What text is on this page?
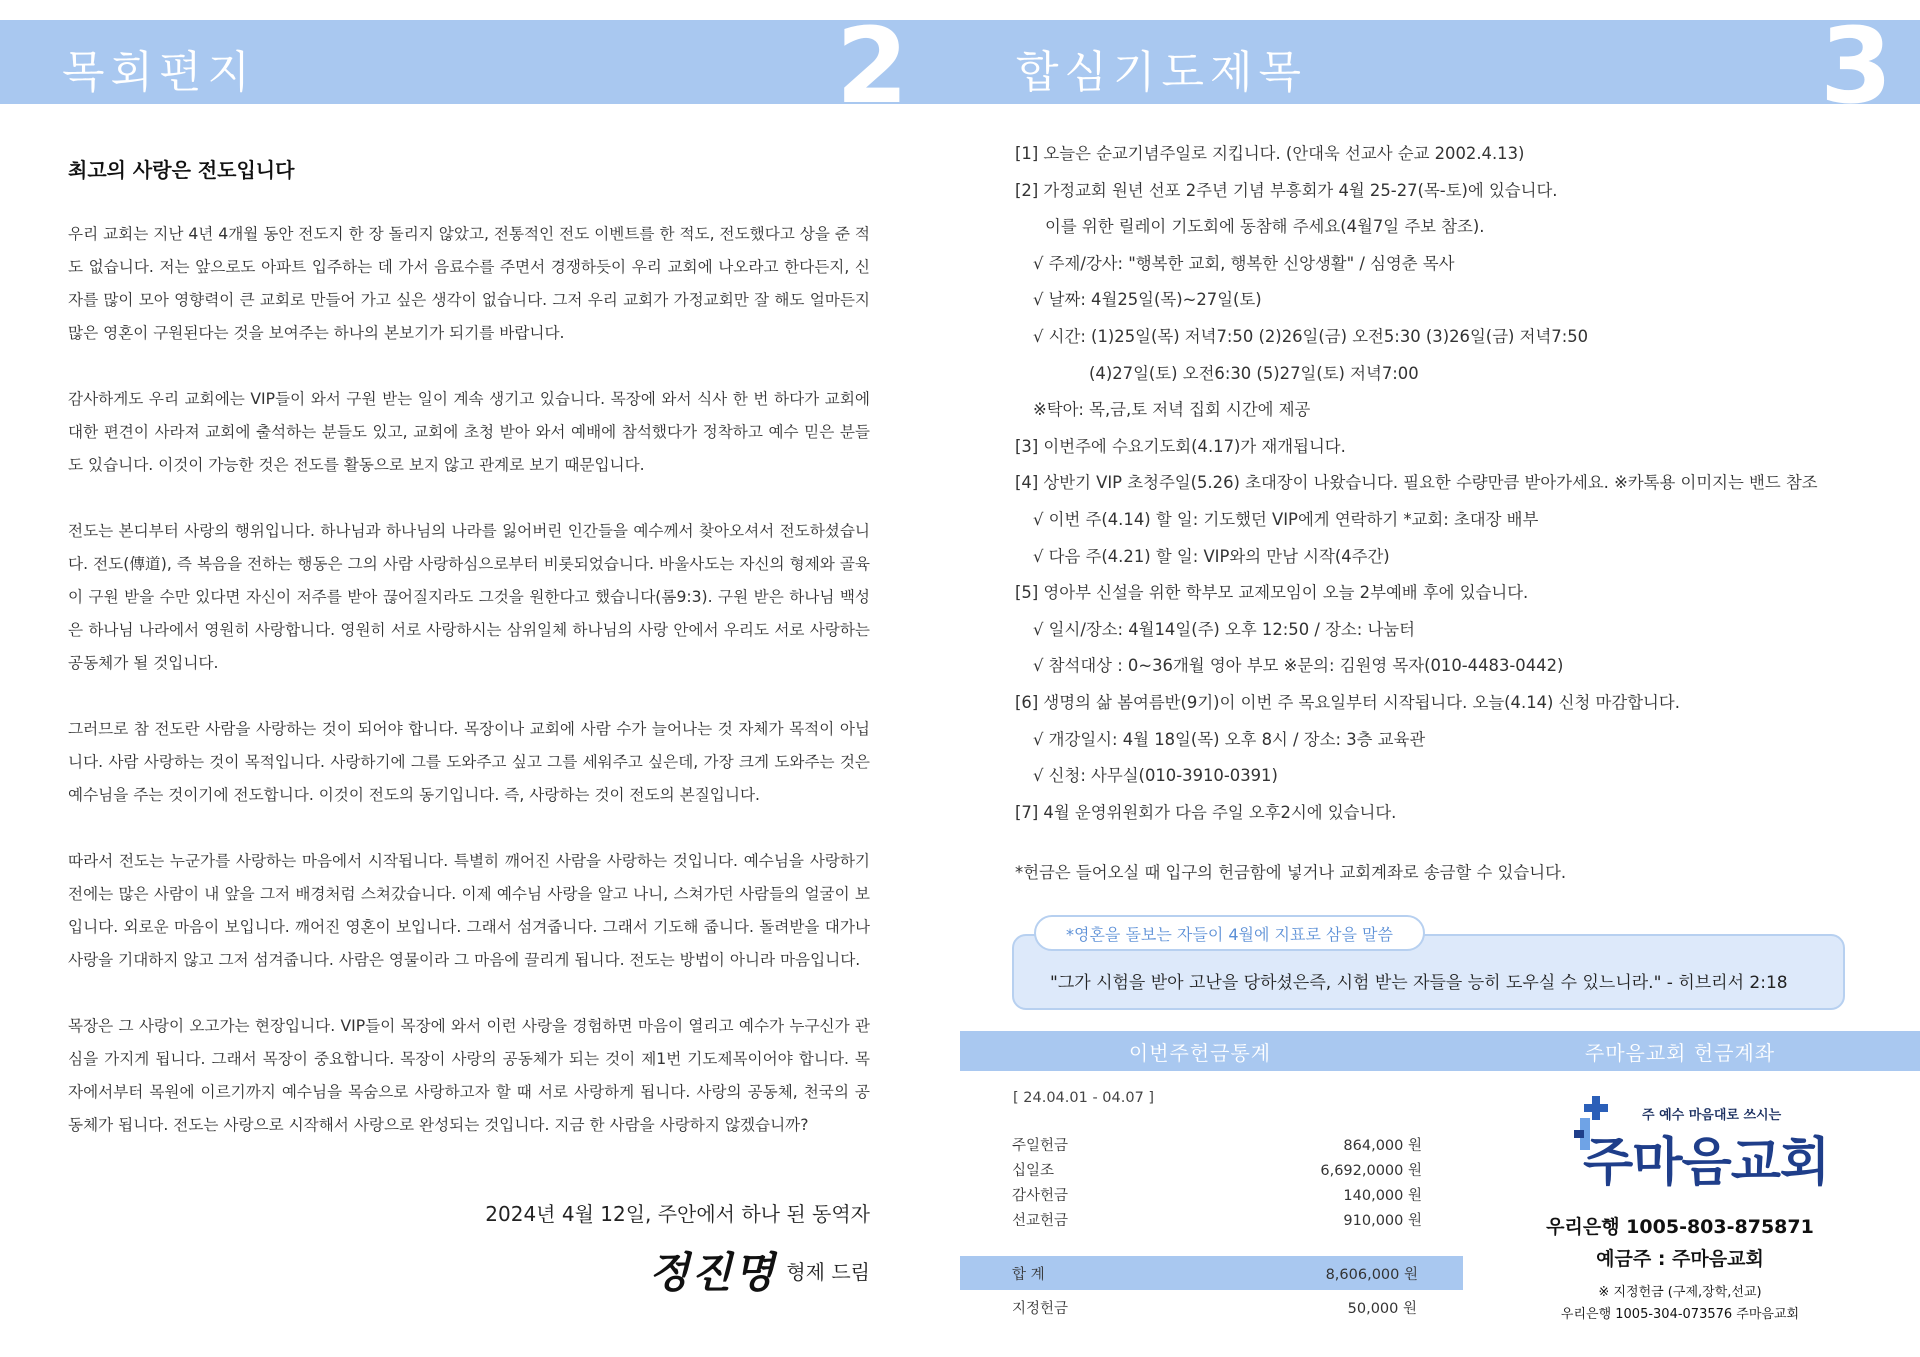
목회편지	2 합심기도제목	3
최고의 사랑은 전도입니다

우리 교회는 지난 4년 4개월 동안 전도지 한 장 돌리지 않았고, 전통적인 전도 이벤트를 한 적도, 전도했다고 상을 준 적도 없습니다. 저는 앞으로도 아파트 입주하는 데 가서 음료수를 주면서 경쟁하듯이 우리 교회에 나오라고 한다든지, 신자를 많이 모아 영향력이 큰 교회로 만들어 가고 싶은 생각이 없습니다. 그저 우리 교회가 가정교회만 잘 해도 얼마든지 많은 영혼이 구원된다는 것을 보여주는 하나의 본보기가 되기를 바랍니다.

감사하게도 우리 교회에는 VIP들이 와서 구원 받는 일이 계속 생기고 있습니다. 목장에 와서 식사 한 번 하다가 교회에 대한 편견이 사라져 교회에 출석하는 분들도 있고, 교회에 초청 받아 와서 예배에 참석했다가 정착하고 예수 믿은 분들도 있습니다. 이것이 가능한 것은 전도를 활동으로 보지 않고 관계로 보기 때문입니다.

전도는 본디부터 사랑의 행위입니다. 하나님과 하나님의 나라를 잃어버린 인간들을 예수께서 찾아오셔서 전도하셨습니다. 전도(傳道), 즉 복음을 전하는 행동은 그의 사람 사랑하심으로부터 비롯되었습니다. 바울사도는 자신의 형제와 골육이 구원 받을 수만 있다면 자신이 저주를 받아 끊어질지라도 그것을 원한다고 했습니다(롬9:3). 구원 받은 하나님 백성은 하나님 나라에서 영원히 사랑합니다. 영원히 서로 사랑하시는 삼위일체 하나님의 사랑 안에서 우리도 서로 사랑하는 공동체가 될 것입니다.

그러므로 참 전도란 사람을 사랑하는 것이 되어야 합니다. 목장이나 교회에 사람 수가 늘어나는 것 자체가 목적이 아닙니다. 사람 사랑하는 것이 목적입니다. 사랑하기에 그를 도와주고 싶고 그를 세워주고 싶은데, 가장 크게 도와주는 것은 예수님을 주는 것이기에 전도합니다. 이것이 전도의 동기입니다. 즉, 사랑하는 것이 전도의 본질입니다.

따라서 전도는 누군가를 사랑하는 마음에서 시작됩니다. 특별히 깨어진 사람을 사랑하는 것입니다. 예수님을 사랑하기 전에는 많은 사람이 내 앞을 그저 배경처럼 스쳐갔습니다. 이제 예수님 사랑을 알고 나니, 스쳐가던 사람들의 얼굴이 보입니다. 외로운 마음이 보입니다. 깨어진 영혼이 보입니다. 그래서 섬겨줍니다. 그래서 기도해 줍니다. 돌려받을 대가나 사랑을 기대하지 않고 그저 섬겨줍니다. 사람은 영물이라 그 마음에 끌리게 됩니다. 전도는 방법이 아니라 마음입니다.

목장은 그 사랑이 오고가는 현장입니다. VIP들이 목장에 와서 이런 사랑을 경험하면 마음이 열리고 예수가 누구신가 관심을 가지게 됩니다. 그래서 목장이 중요합니다. 목장이 사랑의 공동체가 되는 것이 제1번 기도제목이어야 합니다. 목자에서부터 목원에 이르기까지 예수님을 목숨으로 사랑하고자 할 때 서로 사랑하게 됩니다. 사랑의 공동체, 천국의 공동체가 됩니다. 전도는 사랑으로 시작해서 사랑으로 완성되는 것입니다. 지금 한 사람을 사랑하지 않겠습니까?

2024년 4월 12일, 주안에서 하나 된 동역자
정진명 형제 드림
[1] 오늘은 순교기념주일로 지킵니다. (안대욱 선교사 순교 2002.4.13)
[2] 가정교회 원년 선포 2주년 기념 부흥회가 4월 25-27(목-토)에 있습니다.
이를 위한 릴레이 기도회에 동참해 주세요(4월7일 주보 참조).
√ 주제/강사: "행복한 교회, 행복한 신앙생활" / 심영춘 목사
√ 날짜: 4월25일(목)~27일(토)
√ 시간: (1)25일(목) 저녁7:50 (2)26일(금) 오전5:30 (3)26일(금) 저녁7:50
(4)27일(토) 오전6:30 (5)27일(토) 저녁7:00
※탁아: 목,금,토 저녁 집회 시간에 제공
[3] 이번주에 수요기도회(4.17)가 재개됩니다.
[4] 상반기 VIP 초청주일(5.26) 초대장이 나왔습니다. 필요한 수량만큼 받아가세요. ※카톡용 이미지는 밴드 참조
√ 이번 주(4.14) 할 일: 기도했던 VIP에게 연락하기 *교회: 초대장 배부
√ 다음 주(4.21) 할 일: VIP와의 만남 시작(4주간)
[5] 영아부 신설을 위한 학부모 교제모임이 오늘 2부예배 후에 있습니다.
√ 일시/장소: 4월14일(주) 오후 12:50 / 장소: 나눔터
√ 참석대상 : 0~36개월 영아 부모 ※문의: 김원영 목자(010-4483-0442)
[6] 생명의 삶 봄여름반(9기)이 이번 주 목요일부터 시작됩니다. 오늘(4.14) 신청 마감합니다.
√ 개강일시: 4월 18일(목) 오후 8시 / 장소: 3층 교육관
√ 신청: 사무실(010-3910-0391)
[7] 4월 운영위원회가 다음 주일 오후2시에 있습니다.
*헌금은 들어오실 때 입구의 헌금함에 넣거나 교회계좌로 송금할 수 있습니다.
*영혼을 돌보는 자들이 4월에 지표로 삼을 말씀
"그가 시험을 받아 고난을 당하셨은즉, 시험 받는 자들을 능히 도우실 수 있느니라." - 히브리서 2:18
이번주헌금통계	주마음교회 헌금계좌
[ 24.04.01 - 04.07 ]
주일헌금	864,000 원
십일조	6,692,0000 원
감사헌금	140,000 원
선교헌금	910,000 원
합 계	8,606,000 원
지정헌금	50,000 원
주 예수 마음대로 쓰시는
주마음교회
우리은행 1005-803-875871
예금주 : 주마음교회
※ 지정헌금 (구제,장학,선교)
우리은행 1005-304-073576 주마음교회
